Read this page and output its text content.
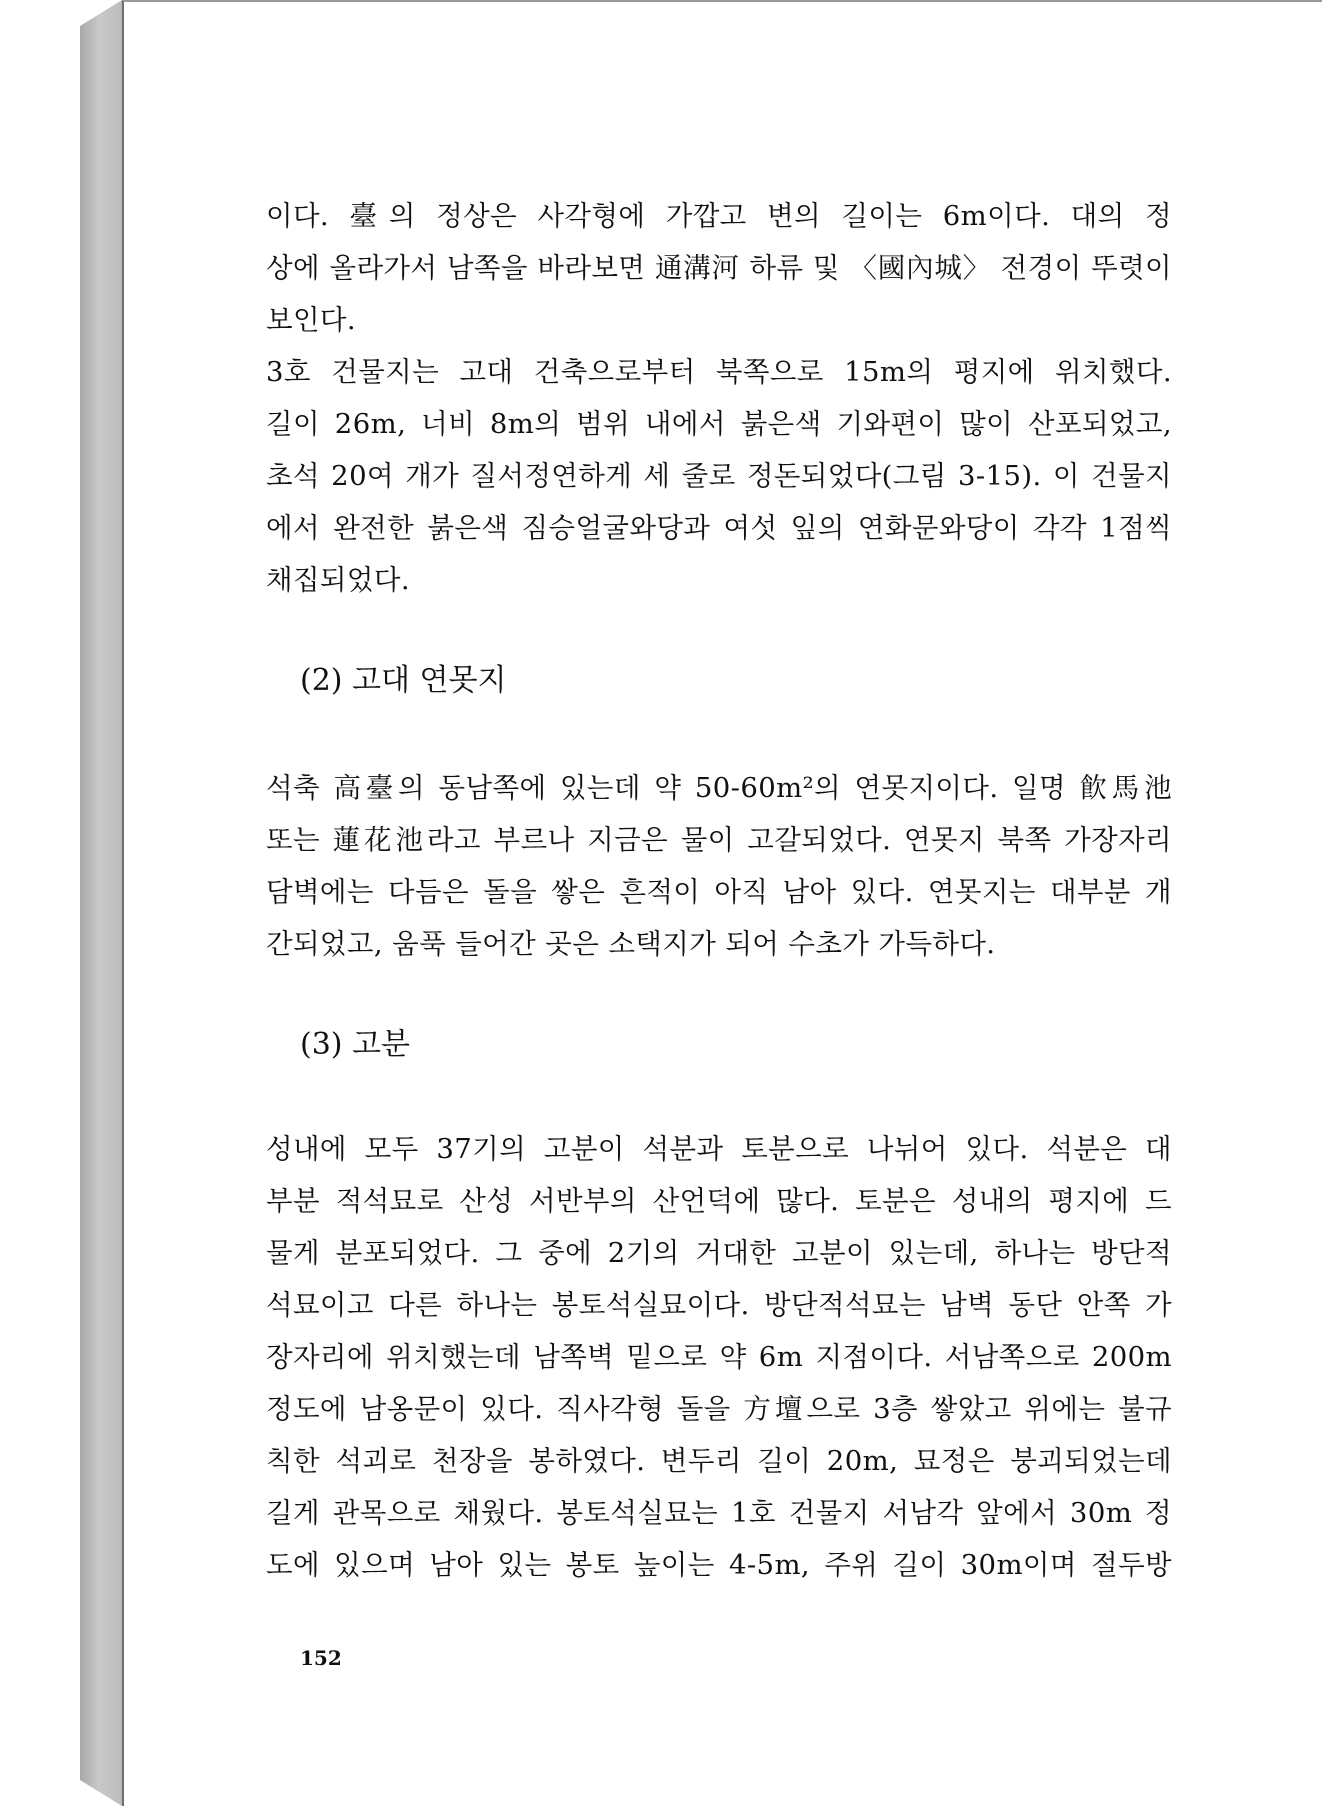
이다. 臺의 정상은 사각형에 가깝고 변의 길이는 6m이다. 대의 정
상에 올라가서 남쪽을 바라보면 通溝河 하류 및 〈國內城〉 전경이 뚜렷이
보인다.
3호 건물지는 고대 건축으로부터 북쪽으로 15m의 평지에 위치했다.
길이 26m, 너비 8m의 범위 내에서 붉은색 기와편이 많이 산포되었고,
초석 20여 개가 질서정연하게 세 줄로 정돈되었다(그림 3-15). 이 건물지
에서 완전한 붉은색 짐승얼굴와당과 여섯 잎의 연화문와당이 각각 1점씩
채집되었다.
(2) 고대 연못지
석축 高臺의 동남쪽에 있는데 약 50-60m²의 연못지이다. 일명 飮馬池
또는 蓮花池라고 부르나 지금은 물이 고갈되었다. 연못지 북쪽 가장자리
담벽에는 다듬은 돌을 쌓은 흔적이 아직 남아 있다. 연못지는 대부분 개
간되었고, 움푹 들어간 곳은 소택지가 되어 수초가 가득하다.
(3) 고분
성내에 모두 37기의 고분이 석분과 토분으로 나뉘어 있다. 석분은 대
부분 적석묘로 산성 서반부의 산언덕에 많다. 토분은 성내의 평지에 드
물게 분포되었다. 그 중에 2기의 거대한 고분이 있는데, 하나는 방단적
석묘이고 다른 하나는 봉토석실묘이다. 방단적석묘는 남벽 동단 안쪽 가
장자리에 위치했는데 남쪽벽 밑으로 약 6m 지점이다. 서남쪽으로 200m
정도에 남옹문이 있다. 직사각형 돌을 方壇으로 3층 쌓았고 위에는 불규
칙한 석괴로 천장을 봉하였다. 변두리 길이 20m, 묘정은 붕괴되었는데
길게 관목으로 채웠다. 봉토석실묘는 1호 건물지 서남각 앞에서 30m 정
도에 있으며 남아 있는 봉토 높이는 4-5m, 주위 길이 30m이며 절두방
152
